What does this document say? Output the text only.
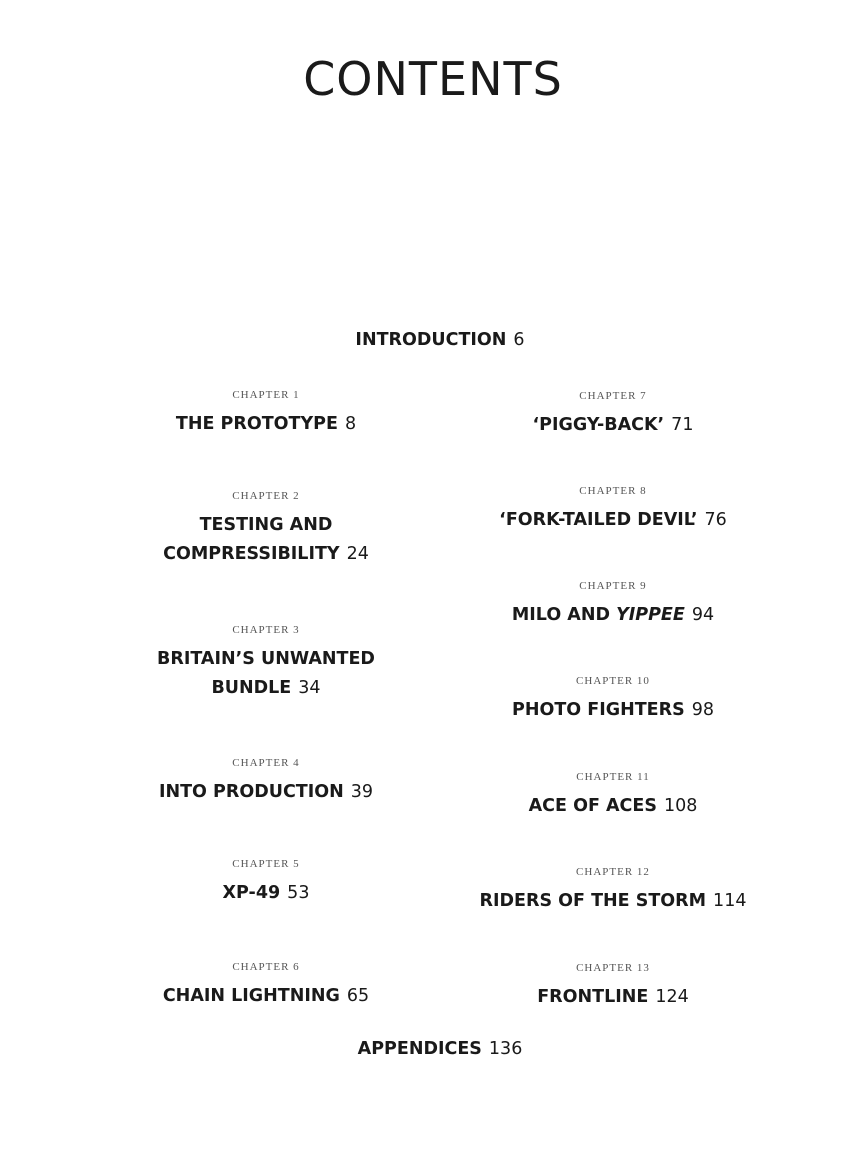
CONTENTS
INTRODUCTION 6
CHAPTER 1
THE PROTOTYPE 8
CHAPTER 2
TESTING AND
COMPRESSIBILITY 24
CHAPTER 3
BRITAIN’S UNWANTED
BUNDLE 34
CHAPTER 4
INTO PRODUCTION 39
CHAPTER 5
XP-49 53
CHAPTER 6
CHAIN LIGHTNING 65
CHAPTER 7
‘PIGGY-BACK’ 71
CHAPTER 8
‘FORK-TAILED DEVIL’ 76
CHAPTER 9
MILO AND YIPPEE 94
CHAPTER 10
PHOTO FIGHTERS 98
CHAPTER 11
ACE OF ACES 108
CHAPTER 12
RIDERS OF THE STORM 114
CHAPTER 13
FRONTLINE 124
APPENDICES 136
